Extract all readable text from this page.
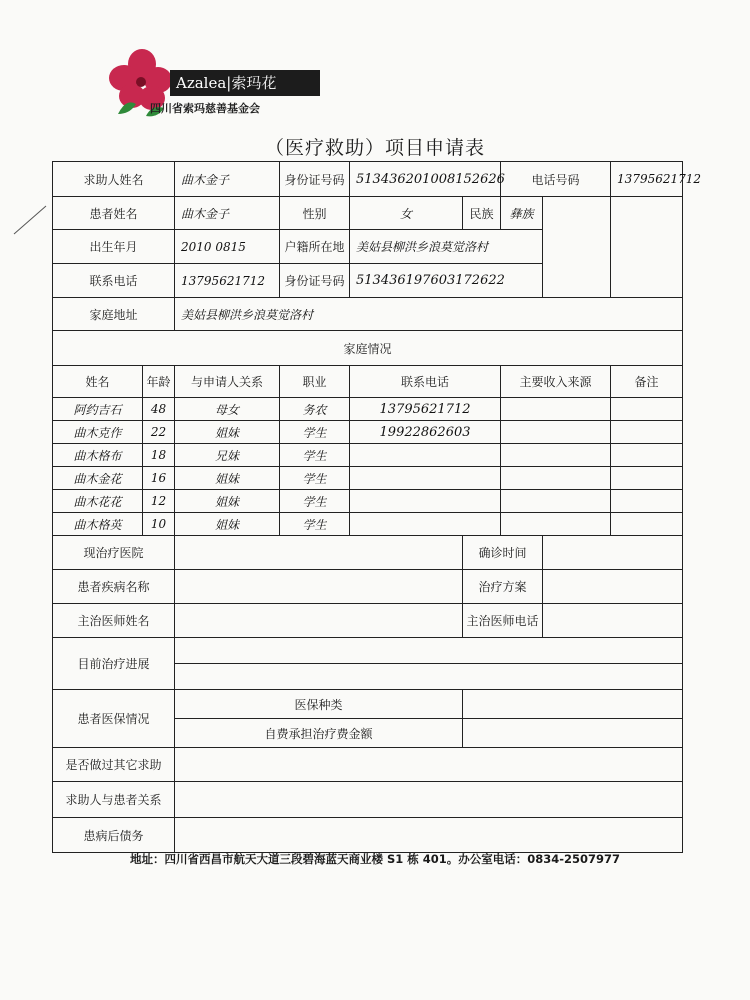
Azalea|索玛花
四川省索玛慈善基金会
（医疗救助）项目申请表
求助人姓名		曲木金子	身份证号码	513436201008152626		电话号码		13795621712
患者姓名		曲木金子	性别	女	民族	彝族		
出生年月		2010 0815	户籍所在地	美姑县柳洪乡浪莫觉洛村				
联系电话		13795621712	身份证号码	513436197603172622				
家庭地址		美姑县柳洪乡浪莫觉洛村						
家庭情况								
姓名	年龄	与申请人关系	职业	联系电话		主要收入来源		备注
阿约吉石	48	母女	务农	13795621712				
曲木克作	22	姐妹	学生	19922862603				
曲木格布	18	兄妹	学生					
曲木金花	16	姐妹	学生					
曲木花花	12	姐妹	学生					
曲木格英	10	姐妹	学生					
现治疗医院					确诊时间			
患者疾病名称					治疗方案			
主治医师姓名					主治医师电话			
目前治疗进展								

患者医保情况		医保种类						
		自费承担治疗费金额						
是否做过其它求助								
求助人与患者关系								
患病后债务								
地址：四川省西昌市航天大道三段碧海蓝天商业楼 S1 栋 401。办公室电话：0834-2507977
